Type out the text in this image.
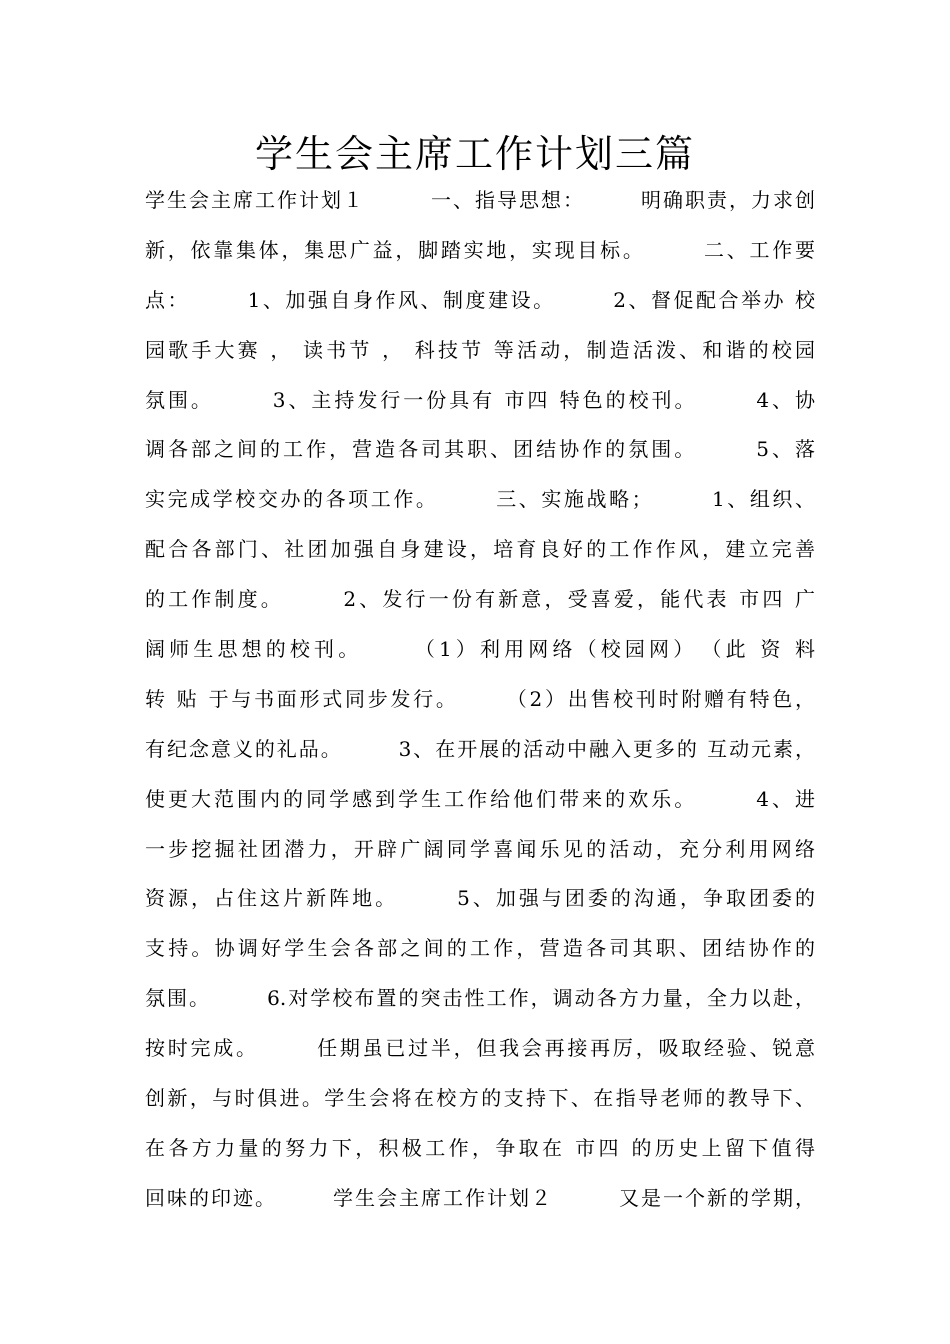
学生会主席工作计划三篇
学生会主席工作计划１　　　一、指导思想：　　　明确职责，力求创
新，依靠集体，集思广益，脚踏实地，实现目标。　　　二、工作要
点：　　　1、加强自身作风、制度建设。　　　2、督促配合举办 校
园歌手大赛 ， 读书节 ， 科技节 等活动，制造活泼、和谐的校园
氛围。　　　3、主持发行一份具有 市四 特色的校刊。　　　4、协
调各部之间的工作，营造各司其职、团结协作的氛围。　　　5、落
实完成学校交办的各项工作。　　　三、实施战略；　　　1、组织、
配合各部门、社团加强自身建设，培育良好的工作作风，建立完善
的工作制度。　　　2、发行一份有新意，受喜爱，能代表 市四 广
阔师生思想的校刊。　　　（1）利用网络（校园网）　（此 资 料
转 贴 于与书面形式同步发行。　　　（2）出售校刊时附赠有特色，
有纪念意义的礼品。　　　3、在开展的活动中融入更多的 互动元素，
使更大范围内的同学感到学生工作给他们带来的欢乐。　　　4、进
一步挖掘社团潜力，开辟广阔同学喜闻乐见的活动，充分利用网络
资源，占住这片新阵地。　　　5、加强与团委的沟通，争取团委的
支持。协调好学生会各部之间的工作，营造各司其职、团结协作的
氛围。　　　6.对学校布置的突击性工作，调动各方力量，全力以赴，
按时完成。　　　任期虽已过半，但我会再接再厉，吸取经验、锐意
创新，与时俱进。学生会将在校方的支持下、在指导老师的教导下、
在各方力量的努力下，积极工作，争取在 市四 的历史上留下值得
回味的印迹。　　　学生会主席工作计划２　　　又是一个新的学期，
